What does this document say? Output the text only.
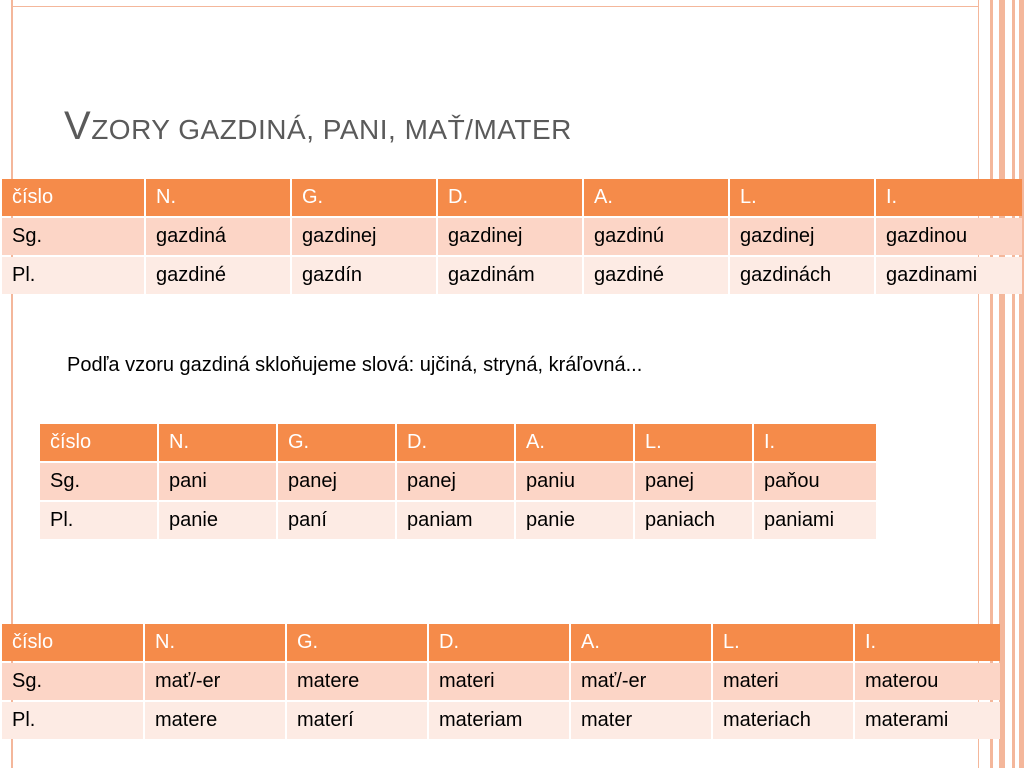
VZORY GAZDINÁ, PANI, MAŤ/MATER
číslo	N.	G.	D.	A.	L.	I.
Sg.	gazdiná	gazdinej	gazdinej	gazdinú	gazdinej	gazdinou
Pl.	gazdiné	gazdín	gazdinám	gazdiné	gazdinách	gazdinami
Podľa vzoru gazdiná skloňujeme slová: ujčiná, stryná, kráľovná...
číslo	N.	G.	D.	A.	L.	I.
Sg.	pani	panej	panej	paniu	panej	paňou
Pl.	panie	paní	paniam	panie	paniach	paniami
číslo	N.	G.	D.	A.	L.	I.
Sg.	mať/-er	matere	materi	mať/-er	materi	materou
Pl.	matere	materí	materiam	mater	materiach	materami
